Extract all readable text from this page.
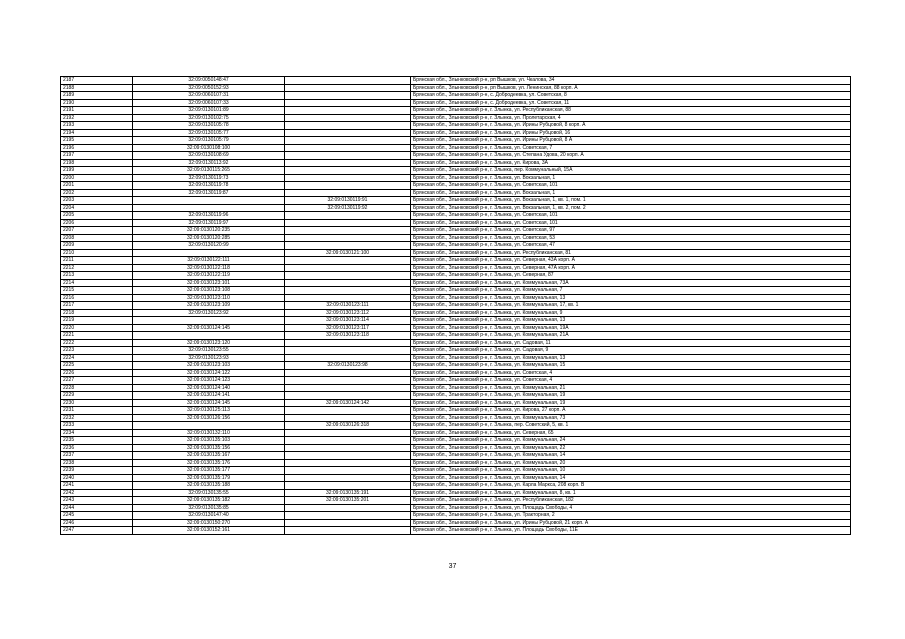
2187	32:09:0050148:47		Брянская обл., Злынковский р-н, рп Вышков, ул. Чкалова, 34
2188	32:09:0050152:93		Брянская обл., Злынковский р-н, рп Вышков, ул. Ленинская, 88 корп. А
2189	32:09:0060107:31		Брянская обл., Злынковский р-н, с. Добродеевка, ул. Советская, 8
2190	32:09:0060107:33		Брянская обл., Злынковский р-н, с. Добродеевка, ул. Советская, 11
2191	32:09:0130101:89		Брянская обл., Злынковский р-н, г. Злынка, ул. Республиканская, 88
2192	32:09:0130102:75		Брянская обл., Злынковский р-н, г. Злынка, ул. Пролетарская, 4
2193	32:09:0130105:78		Брянская обл., Злынковский р-н, г. Злынка, ул. Ирины Рубцовой, 8 корп. А
2194	32:09:0130105:77		Брянская обл., Злынковский р-н, г. Злынка, ул. Ирины Рубцовой, 16
2195	32:09:0130105:79		Брянская обл., Злынковский р-н, г. Злынка, ул. Ирины Рубцовой, 8 А
2196	32:09:0130108:100		Брянская обл., Злынковский р-н, г. Злынка, ул. Советская, 7
2197	32:09:0130108:69		Брянская обл., Злынковский р-н, г. Злынка, ул. Степана Удова, 20 корп. А
2198	32:09:0130113:92		Брянская обл., Злынковский р-н, г. Злынка, ул. Кирова, 3А
2199	32:09:0130115:265		Брянская обл., Злынковский р-н, г. Злынка, пер. Коммунальный, 15А
2200	32:09:0130119:73		Брянская обл., Злынковский р-н, г. Злынка, ул. Вокзальная, 1
2201	32:09:0130119:78		Брянская обл., Злынковский р-н, г. Злынка, ул. Советская, 101
2202	32:09:0130119:87		Брянская обл., Злынковский р-н, г. Злынка, ул. Вокзальная, 1
2203		32:09:0130119:91	Брянская обл., Злынковский р-н, г. Злынка, ул. Вокзальная, 1, кв. 1, пом. 1
2204		32:09:0130119:92	Брянская обл., Злынковский р-н, г. Злынка, ул. Вокзальная, 1, кв. 2, пом. 2
2205	32:09:0130119:96		Брянская обл., Злынковский р-н, г. Злынка, ул. Советская, 101
2206	32:09:0130119:97		Брянская обл., Злынковский р-н, г. Злынка, ул. Советская, 101
2207	32:09:0130120:235		Брянская обл., Злынковский р-н, г. Злынка, ул. Советская, 97
2208	32:09:0130120:285		Брянская обл., Злынковский р-н, г. Злынка, ул. Советская, 53
2209	32:09:0130120:99		Брянская обл., Злынковский р-н, г. Злынка, ул. Советская, 47
2210		32:09:0130121:100	Брянская обл., Злынковский р-н, г. Злынка, ул. Республиканская, 81
2211	32:09:0130122:111		Брянская обл., Злынковский р-н, г. Злынка, ул. Северная, 43А корп. А
2212	32:09:0130122:118		Брянская обл., Злынковский р-н, г. Злынка, ул. Северная, 47А корп. А
2213	32:09:0130122:119		Брянская обл., Злынковский р-н, г. Злынка, ул. Северная, 87
2214	32:09:0130123:101		Брянская обл., Злынковский р-н, г. Злынка, ул. Коммунальная, 73А
2215	32:09:0130123:108		Брянская обл., Злынковский р-н, г. Злынка, ул. Коммунальная, 7
2216	32:09:0130123:110		Брянская обл., Злынковский р-н, г. Злынка, ул. Коммунальная, 13
2217	32:09:0130123:109	32:09:0130123:111	Брянская обл., Злынковский р-н, г. Злынка, ул. Коммунальная, 17, кв. 1
2218	32:09:0130123:92	32:09:0130123:112	Брянская обл., Злынковский р-н, г. Злынка, ул. Коммунальная, 9
2219		32:09:0130123:114	Брянская обл., Злынковский р-н, г. Злынка, ул. Коммунальная, 13
2220	32:09:0130124:145	32:09:0130123:117	Брянская обл., Злынковский р-н, г. Злынка, ул. Коммунальная, 19А
2221		32:09:0130123:118	Брянская обл., Злынковский р-н, г. Злынка, ул. Коммунальная, 21А
2222	32:09:0130123:120		Брянская обл., Злынковский р-н, г. Злынка, ул. Садовая, 11
2223	32:09:0130123:55		Брянская обл., Злынковский р-н, г. Злынка, ул. Садовая, 9
2224	32:09:0130123:93		Брянская обл., Злынковский р-н, г. Злынка, ул. Коммунальная, 13
2225	32:09:0130123:103	32:09:0130123:98	Брянская обл., Злынковский р-н, г. Злынка, ул. Коммунальная, 15
2226	32:09:0130124:122		Брянская обл., Злынковский р-н, г. Злынка, ул. Советская, 4
2227	32:09:0130124:123		Брянская обл., Злынковский р-н, г. Злынка, ул. Советская, 4
2228	32:09:0130124:140		Брянская обл., Злынковский р-н, г. Злынка, ул. Коммунальная, 21
2229	32:09:0130124:141		Брянская обл., Злынковский р-н, г. Злынка, ул. Коммунальная, 19
2230	32:09:0130124:145	32:09:0130124:142	Брянская обл., Злынковский р-н, г. Злынка, ул. Коммунальная, 19
2231	32:09:0130125:113		Брянская обл., Злынковский р-н, г. Злынка, ул. Кирова, 27 корп. А
2232	32:09:0130126:156		Брянская обл., Злынковский р-н, г. Злынка, ул. Коммунальная, 73
2233		32:09:0130126:318	Брянская обл., Злынковский р-н, г. Злынка, пер. Советский, 5, кв. 1
2234	32:09:0130132:110		Брянская обл., Злынковский р-н, г. Злынка, ул. Северная, 65
2235	32:09:0130135:103		Брянская обл., Злынковский р-н, г. Злынка, ул. Коммунальная, 24
2236	32:09:0130135:156		Брянская обл., Злынковский р-н, г. Злынка, ул. Коммунальная, 22
2237	32:09:0130135:167		Брянская обл., Злынковский р-н, г. Злынка, ул. Коммунальная, 14
2238	32:09:0130135:176		Брянская обл., Злынковский р-н, г. Злынка, ул. Коммунальная, 20
2239	32:09:0130135:177		Брянская обл., Злынковский р-н, г. Злынка, ул. Коммунальная, 10
2240	32:09:0130135:179		Брянская обл., Злынковский р-н, г. Злынка, ул. Коммунальная, 14
2241	32:09:0130135:188		Брянская обл., Злынковский р-н, г. Злынка, ул. Карла Маркса, 208 корп. В
2242	32:09:0130135:55	32:09:0130135:191	Брянская обл., Злынковский р-н, г. Злынка, ул. Коммунальная, 8, кв. 1
2243	32:09:0130135:182	32:09:0130135:201	Брянская обл., Злынковский р-н, г. Злынка, ул. Республиканская, 182
2244	32:09:0130135:85		Брянская обл., Злынковский р-н, г. Злынка, ул. Площадь Свободы, 4
2245	32:09:0130147:40		Брянская обл., Злынковский р-н, г. Злынка, ул. Тракторная, 2
2246	32:09:0130150:270		Брянская обл., Злынковский р-н, г. Злынка, ул. Ирины Рубцовой, 21 корп. А
2247	32:09:0130152:161		Брянская обл., Злынковский р-н, г. Злынка, ул. Площадь Свободы, 11Е
37
